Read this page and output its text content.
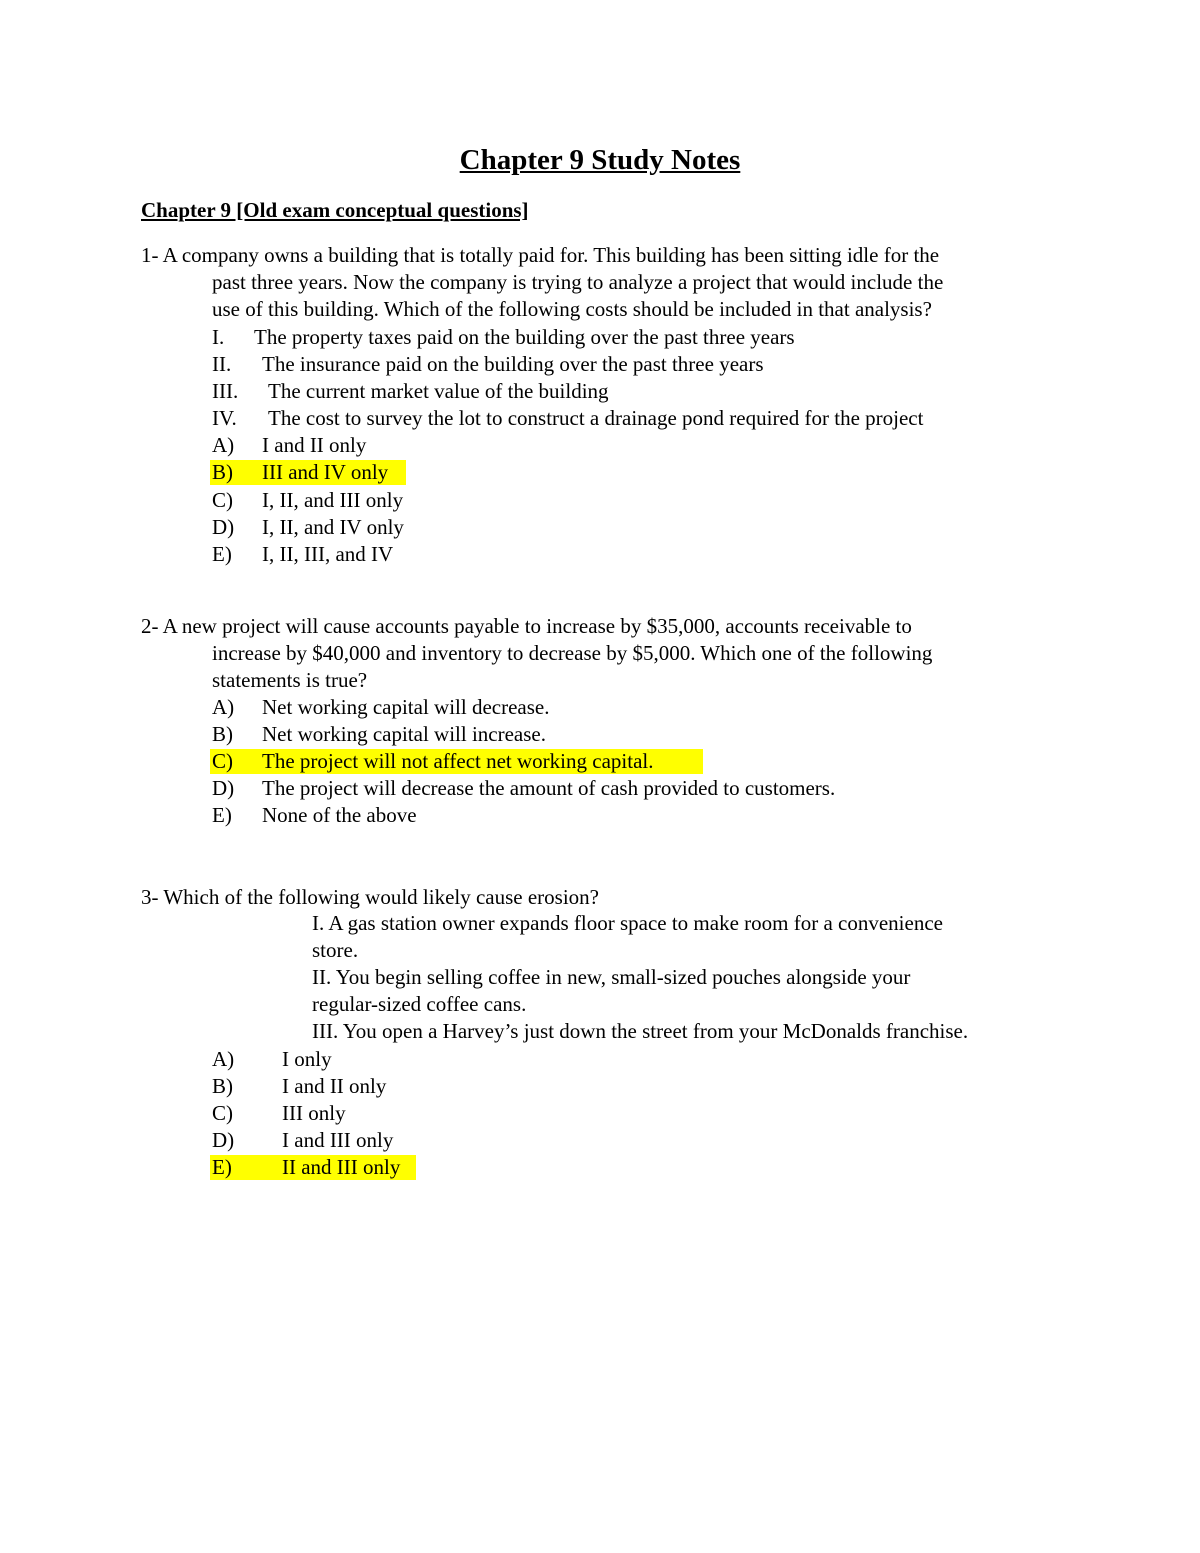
Chapter 9 Study Notes
Chapter 9 [Old exam conceptual questions]
1- A company owns a building that is totally paid for. This building has been sitting idle for the
past three years. Now the company is trying to analyze a project that would include the
use of this building. Which of the following costs should be included in that analysis?
I. The property taxes paid on the building over the past three years
II. The insurance paid on the building over the past three years
III. The current market value of the building
IV. The cost to survey the lot to construct a drainage pond required for the project
A) I and II only
B) III and IV only
C) I, II, and III only
D) I, II, and IV only
E) I, II, III, and IV
2- A new project will cause accounts payable to increase by $35,000, accounts receivable to
increase by $40,000 and inventory to decrease by $5,000. Which one of the following
statements is true?
A) Net working capital will decrease.
B) Net working capital will increase.
C) The project will not affect net working capital.
D) The project will decrease the amount of cash provided to customers.
E) None of the above
3- Which of the following would likely cause erosion?
I. A gas station owner expands floor space to make room for a convenience
store.
II. You begin selling coffee in new, small-sized pouches alongside your
regular-sized coffee cans.
III. You open a Harvey’s just down the street from your McDonalds franchise.
A) I only
B) I and II only
C) III only
D) I and III only
E) II and III only
